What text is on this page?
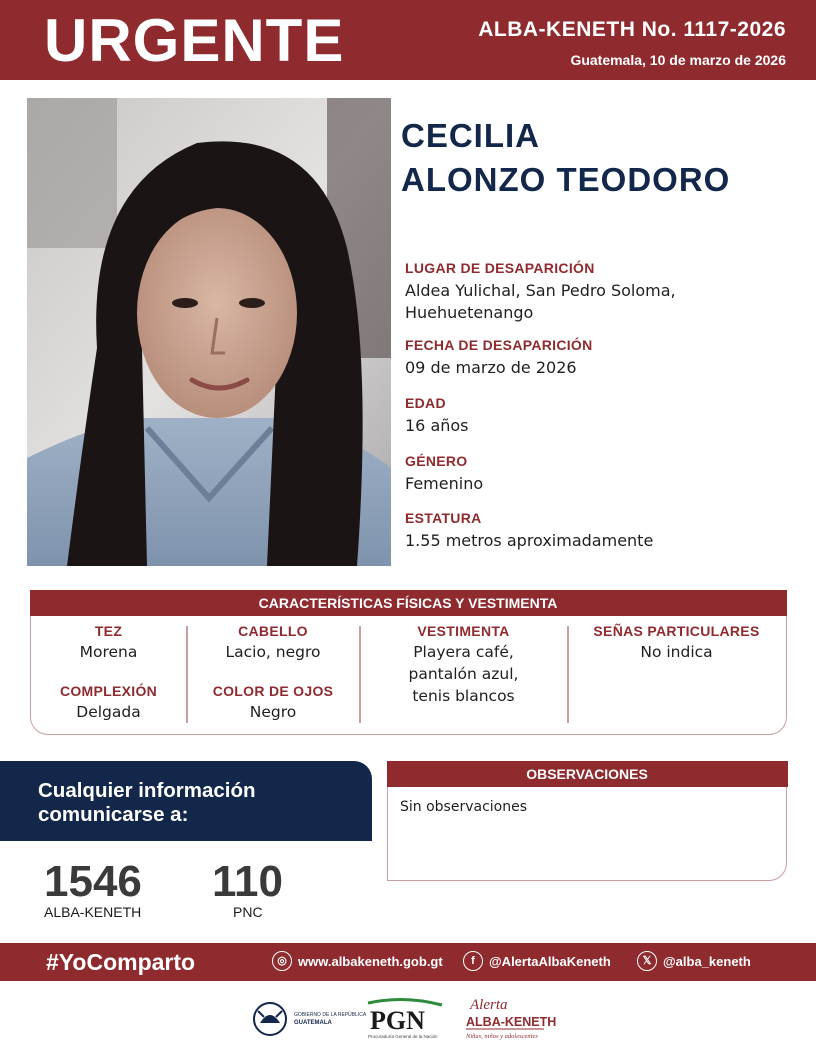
URGENTE	ALBA-KENETH No. 1117-2026
Guatemala, 10 de marzo de 2026
CECILIA
ALONZO TEODORO
LUGAR DE DESAPARICIÓN
Aldea Yulichal, San Pedro Soloma,
Huehuetenango
FECHA DE DESAPARICIÓN
09 de marzo de 2026
EDAD
16 años
GÉNERO
Femenino
ESTATURA
1.55 metros aproximadamente
CARACTERÍSTICAS FÍSICAS Y VESTIMENTA
TEZ
Morena
COMPLEXIÓN
Delgada
CABELLO
Lacio, negro
COLOR DE OJOS
Negro
VESTIMENTA
Playera café,
pantalón azul,
tenis blancos
SEÑAS PARTICULARES
No indica
Cualquier información
comunicarse a:
1546
ALBA-KENETH
110
PNC
OBSERVACIONES
Sin observaciones
#YoComparto	◎ www.albakeneth.gob.gt	f	@AlertaAlbaKeneth	𝕏 @alba_keneth
GOBIERNO DE LA REPÚBLICA
GUATEMALA PGN
Procuraduría General de la Nación
Alerta
ALBA-KENETH
Niñas, niños y adolescentes
